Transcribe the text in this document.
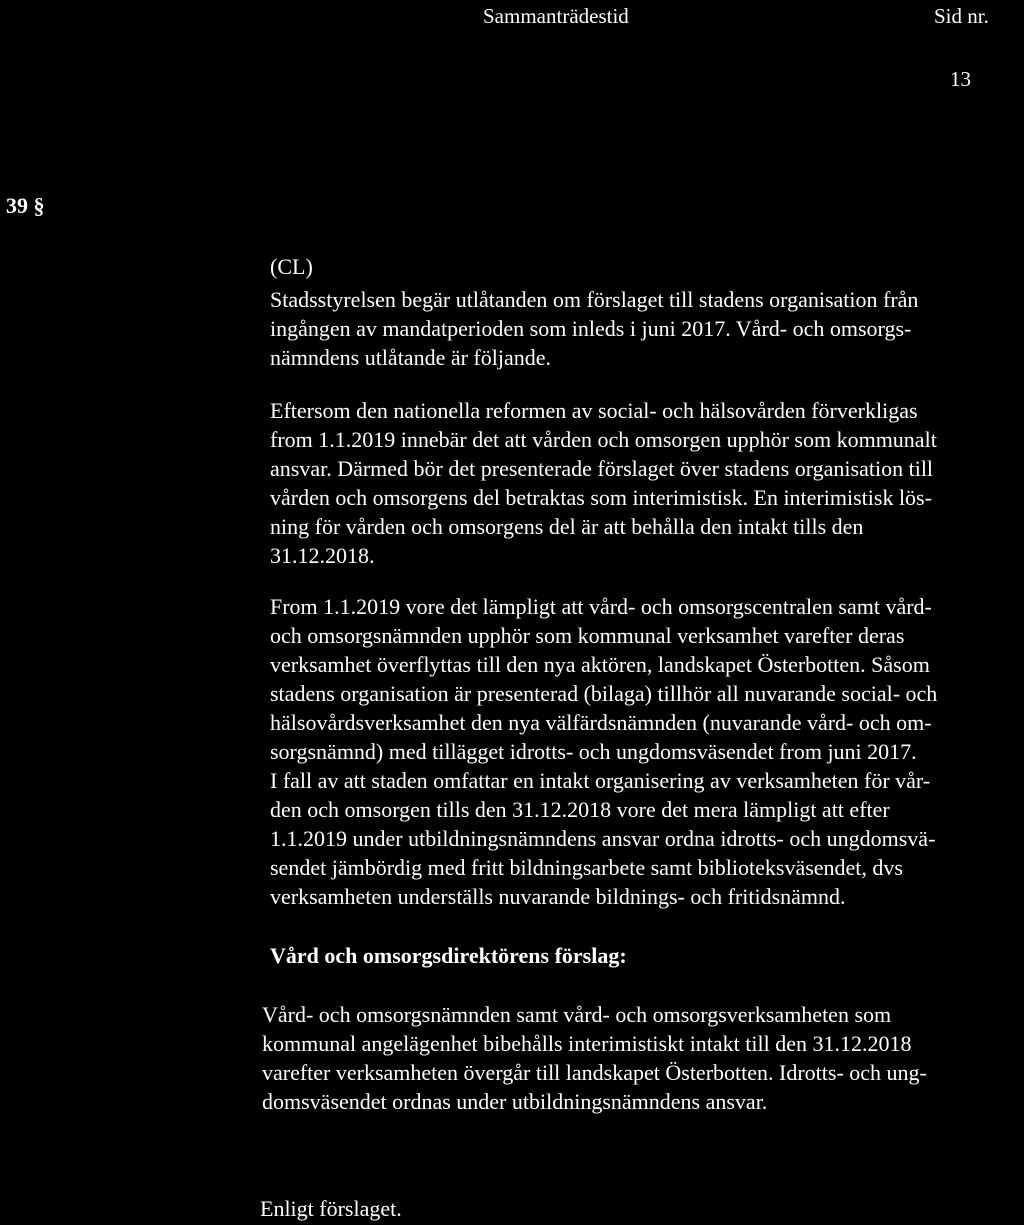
Sammanträdestid	Sid nr.
13
39 §
(CL)
Stadsstyrelsen begär utlåtanden om förslaget till stadens organisation från
ingången av mandatperioden som inleds i juni 2017. Vård- och omsorgs-
nämndens utlåtande är följande.
Eftersom den nationella reformen av social- och hälsovården förverkligas
from 1.1.2019 innebär det att vården och omsorgen upphör som kommunalt
ansvar. Därmed bör det presenterade förslaget över stadens organisation till
vården och omsorgens del betraktas som interimistisk. En interimistisk lös-
ning för vården och omsorgens del är att behålla den intakt tills den
31.12.2018.
From 1.1.2019 vore det lämpligt att vård- och omsorgscentralen samt vård-
och omsorgsnämnden upphör som kommunal verksamhet varefter deras
verksamhet överflyttas till den nya aktören, landskapet Österbotten. Såsom
stadens organisation är presenterad (bilaga) tillhör all nuvarande social- och
hälsovårdsverksamhet den nya välfärdsnämnden (nuvarande vård- och om-
sorgsnämnd) med tillägget idrotts- och ungdomsväsendet from juni 2017.
I fall av att staden omfattar en intakt organisering av verksamheten för vår-
den och omsorgen tills den 31.12.2018 vore det mera lämpligt att efter
1.1.2019 under utbildningsnämndens ansvar ordna idrotts- och ungdomsvä-
sendet jämbördig med fritt bildningsarbete samt biblioteksväsendet, dvs
verksamheten underställs nuvarande bildnings- och fritidsnämnd.
Vård och omsorgsdirektörens förslag:
Vård- och omsorgsnämnden samt vård- och omsorgsverksamheten som
kommunal angelägenhet bibehålls interimistiskt intakt till den 31.12.2018
varefter verksamheten övergår till landskapet Österbotten. Idrotts- och ung-
domsväsendet ordnas under utbildningsnämndens ansvar.
Enligt förslaget.
